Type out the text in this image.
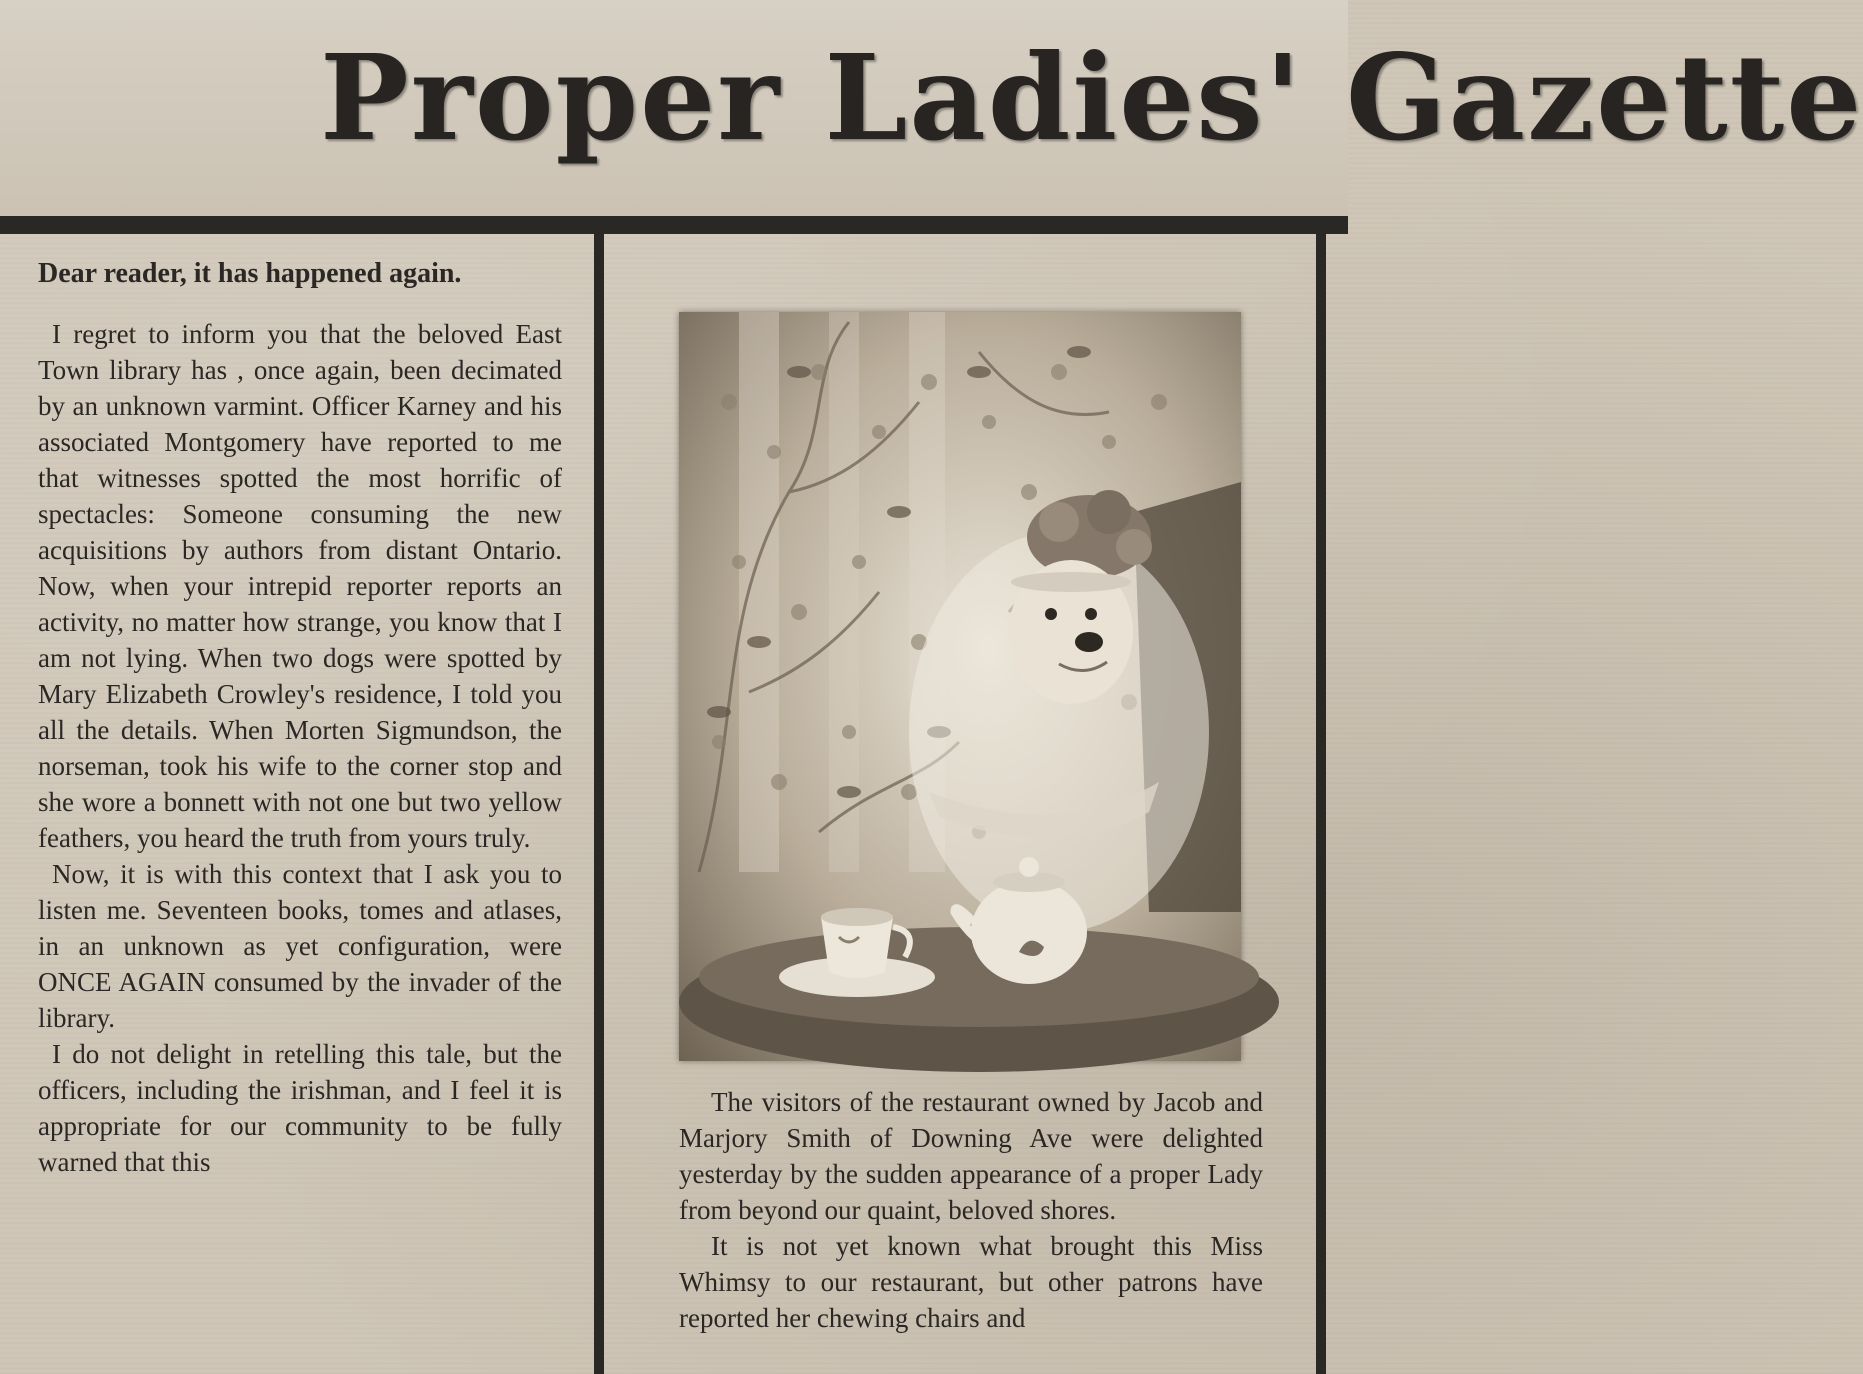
Proper Ladies' Gazette
Dear reader, it has happened again.

I regret to inform you that the beloved East Town library has , once again, been decimated by an unknown varmint. Officer Karney and his associated Montgomery have reported to me that witnesses spotted the most horrific of spectacles: Someone consuming the new acquisitions by authors from distant Ontario. Now, when your intrepid reporter reports an activity, no matter how strange, you know that I am not lying. When two dogs were spotted by Mary Elizabeth Crowley's residence, I told you all the details. When Morten Sigmundson, the norseman, took his wife to the corner stop and she wore a bonnett with not one but two yellow feathers, you heard the truth from yours truly.

Now, it is with this context that I ask you to listen me. Seventeen books, tomes and atlases, in an unknown as yet configuration, were ONCE AGAIN consumed by the invader of the library.

I do not delight in retelling this tale, but the officers, including the irishman, and I feel it is appropriate for our community to be fully warned that this

The visitors of the restaurant owned by Jacob and Marjory Smith of Downing Ave were delighted yesterday by the sudden appearance of a proper Lady from beyond our quaint, beloved shores.

It is not yet known what brought this Miss Whimsy to our restaurant, but other patrons have reported her chewing chairs and
